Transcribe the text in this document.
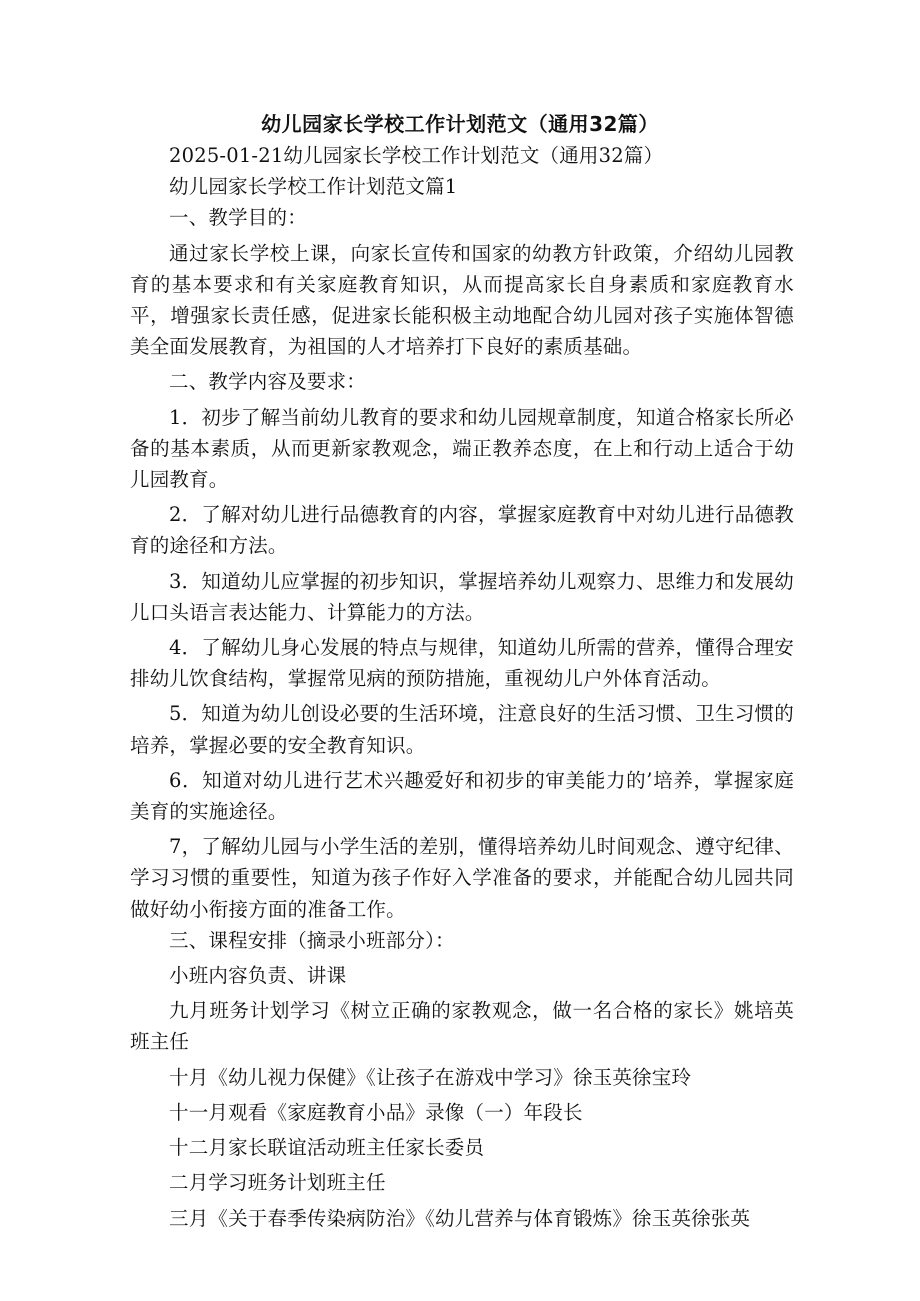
幼儿园家长学校工作计划范文（通用32篇）

2025-01-21幼儿园家长学校工作计划范文（通用32篇）

幼儿园家长学校工作计划范文篇1

一、教学目的：

通过家长学校上课，向家长宣传和国家的幼教方针政策，介绍幼儿园教育的基本要求和有关家庭教育知识，从而提高家长自身素质和家庭教育水平，增强家长责任感，促进家长能积极主动地配合幼儿园对孩子实施体智德美全面发展教育，为祖国的人才培养打下良好的素质基础。

二、教学内容及要求：

1．初步了解当前幼儿教育的要求和幼儿园规章制度，知道合格家长所必备的基本素质，从而更新家教观念，端正教养态度，在上和行动上适合于幼儿园教育。

2．了解对幼儿进行品德教育的内容，掌握家庭教育中对幼儿进行品德教育的途径和方法。

3．知道幼儿应掌握的初步知识，掌握培养幼儿观察力、思维力和发展幼儿口头语言表达能力、计算能力的方法。

4．了解幼儿身心发展的特点与规律，知道幼儿所需的营养，懂得合理安排幼儿饮食结构，掌握常见病的预防措施，重视幼儿户外体育活动。

5．知道为幼儿创设必要的生活环境，注意良好的生活习惯、卫生习惯的培养，掌握必要的安全教育知识。

6．知道对幼儿进行艺术兴趣爱好和初步的审美能力的’培养，掌握家庭美育的实施途径。

7，了解幼儿园与小学生活的差别，懂得培养幼儿时间观念、遵守纪律、学习习惯的重要性，知道为孩子作好入学准备的要求，并能配合幼儿园共同做好幼小衔接方面的准备工作。

三、课程安排（摘录小班部分）：

小班内容负责、讲课

九月班务计划学习《树立正确的家教观念，做一名合格的家长》姚培英班主任

十月《幼儿视力保健》《让孩子在游戏中学习》徐玉英徐宝玲

十一月观看《家庭教育小品》录像（一）年段长

十二月家长联谊活动班主任家长委员

二月学习班务计划班主任

三月《关于春季传染病防治》《幼儿营养与体育锻炼》徐玉英徐张英
